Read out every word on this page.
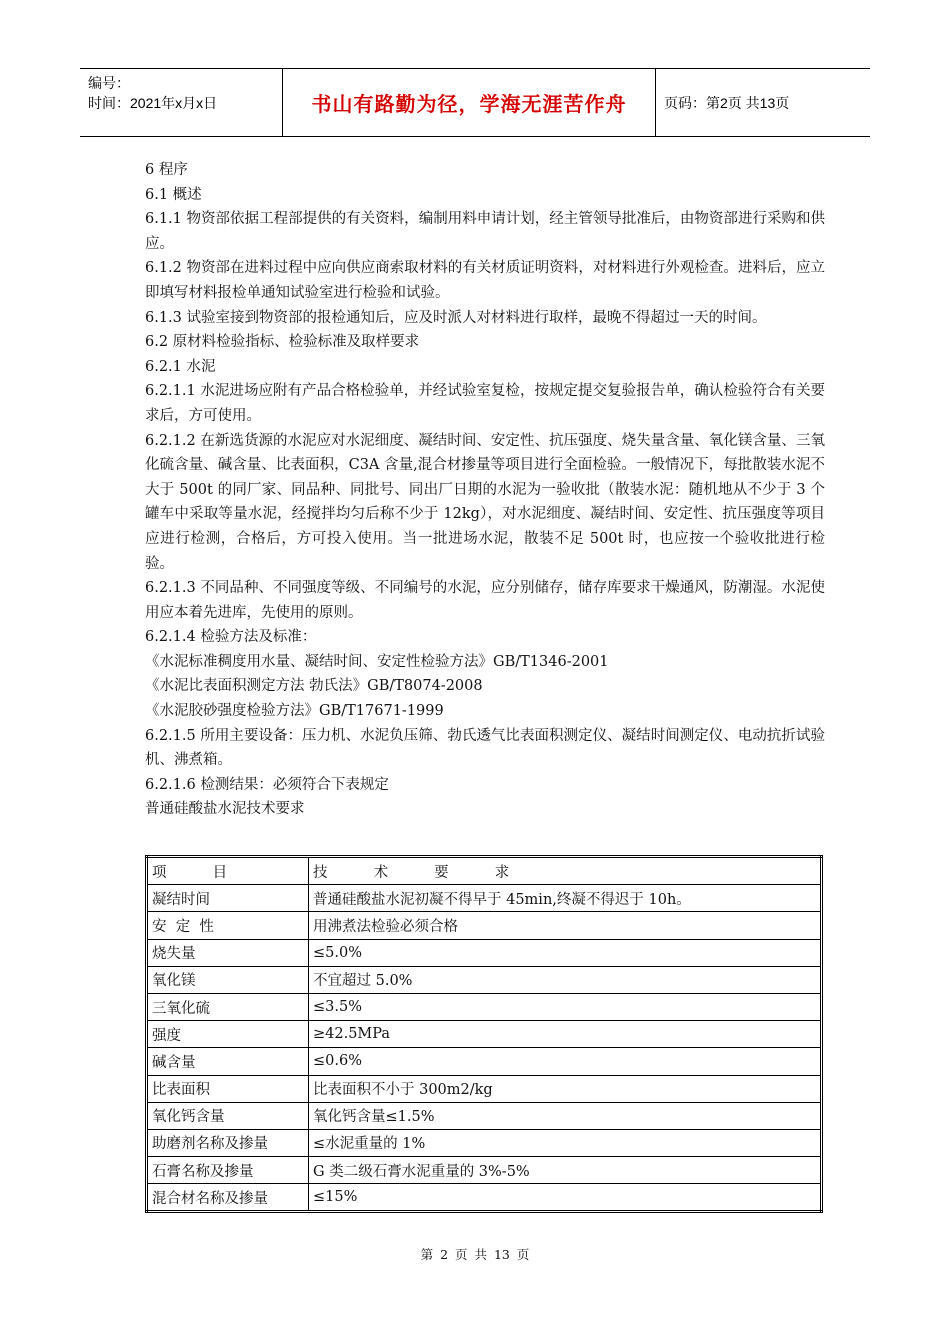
编号：
时间：2021年x月x日	书山有路勤为径，学海无涯苦作舟	页码：第2页 共13页

6 程序

6.1 概述

6.1.1 物资部依据工程部提供的有关资料，编制用料申请计划，经主管领导批准后，由物资部进行采购和供应。

6.1.2 物资部在进料过程中应向供应商索取材料的有关材质证明资料，对材料进行外观检查。进料后，应立即填写材料报检单通知试验室进行检验和试验。

6.1.3 试验室接到物资部的报检通知后，应及时派人对材料进行取样，最晚不得超过一天的时间。

6.2 原材料检验指标、检验标准及取样要求

6.2.1 水泥

6.2.1.1 水泥进场应附有产品合格检验单，并经试验室复检，按规定提交复验报告单，确认检验符合有关要求后，方可使用。

6.2.1.2 在新选货源的水泥应对水泥细度、凝结时间、安定性、抗压强度、烧失量含量、氧化镁含量、三氧化硫含量、碱含量、比表面积，C3A 含量,混合材掺量等项目进行全面检验。一般情况下，每批散装水泥不大于 500t 的同厂家、同品种、同批号、同出厂日期的水泥为一验收批（散装水泥：随机地从不少于 3 个罐车中采取等量水泥，经搅拌均匀后称不少于 12kg），对水泥细度、凝结时间、安定性、抗压强度等项目应进行检测，合格后，方可投入使用。当一批进场水泥，散装不足 500t 时，也应按一个验收批进行检验。

6.2.1.3 不同品种、不同强度等级、不同编号的水泥，应分别储存，储存库要求干燥通风，防潮湿。水泥使用应本着先进库，先使用的原则。

6.2.1.4 检验方法及标准：

《水泥标准稠度用水量、凝结时间、安定性检验方法》GB/T1346-2001

《水泥比表面积测定方法 勃氏法》GB/T8074-2008

《水泥胶砂强度检验方法》GB/T17671-1999

6.2.1.5 所用主要设备：压力机、水泥负压筛、勃氏透气比表面积测定仪、凝结时间测定仪、电动抗折试验机、沸煮箱。

6.2.1.6 检测结果：必须符合下表规定

普通硅酸盐水泥技术要求

项          目	技          术          要          求
凝结时间	普通硅酸盐水泥初凝不得早于 45min,终凝不得迟于 10h。
安  定  性	用沸煮法检验必须合格
烧失量	≤5.0%
氧化镁	不宜超过 5.0%
三氧化硫	≤3.5%
强度	≥42.5MPa
碱含量	≤0.6%
比表面积	比表面积不小于 300m2/kg
氧化钙含量	氧化钙含量≤1.5%
助磨剂名称及掺量	≤水泥重量的 1%
石膏名称及掺量	G 类二级石膏水泥重量的 3%-5%
混合材名称及掺量	≤15%
第 2 页 共 13 页
